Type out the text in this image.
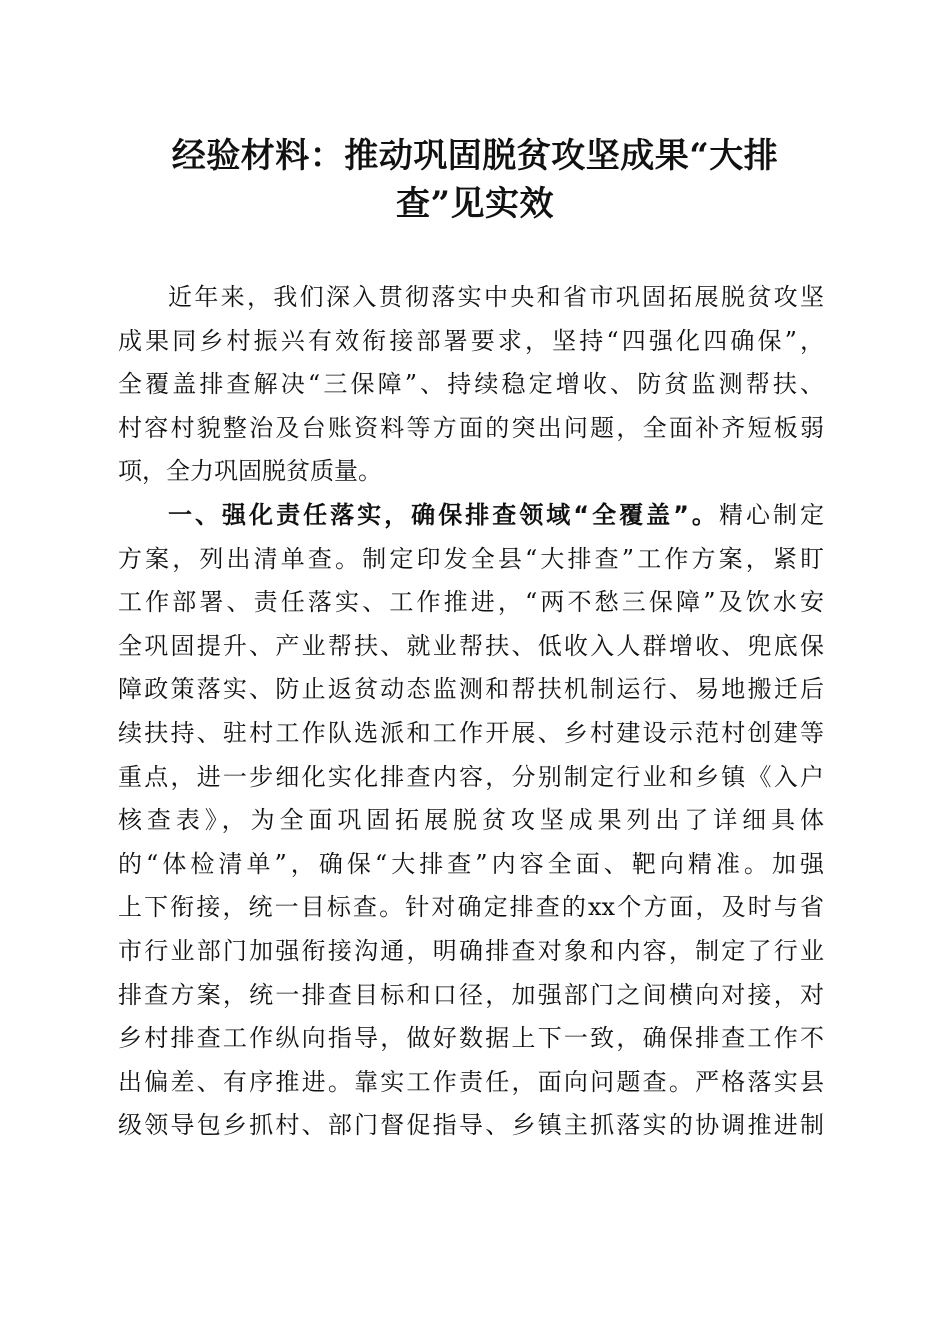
经验材料：推动巩固脱贫攻坚成果“大排
查”见实效
近年来，我们深入贯彻落实中央和省市巩固拓展脱贫攻坚
成果同乡村振兴有效衔接部署要求，坚持“四强化四确保”，
全覆盖排查解决“三保障”、持续稳定增收、防贫监测帮扶、
村容村貌整治及台账资料等方面的突出问题，全面补齐短板弱
项，全力巩固脱贫质量。
一、强化责任落实，确保排查领域“全覆盖”。精心制定
方案，列出清单查。制定印发全县“大排查”工作方案，紧盯
工作部署、责任落实、工作推进，“两不愁三保障”及饮水安
全巩固提升、产业帮扶、就业帮扶、低收入人群增收、兜底保
障政策落实、防止返贫动态监测和帮扶机制运行、易地搬迁后
续扶持、驻村工作队选派和工作开展、乡村建设示范村创建等
重点，进一步细化实化排查内容，分别制定行业和乡镇《入户
核查表》，为全面巩固拓展脱贫攻坚成果列出了详细具体
的“体检清单”，确保“大排查”内容全面、靶向精准。加强
上下衔接，统一目标查。针对确定排查的xx个方面，及时与省
市行业部门加强衔接沟通，明确排查对象和内容，制定了行业
排查方案，统一排查目标和口径，加强部门之间横向对接，对
乡村排查工作纵向指导，做好数据上下一致，确保排查工作不
出偏差、有序推进。靠实工作责任，面向问题查。严格落实县
级领导包乡抓村、部门督促指导、乡镇主抓落实的协调推进制
